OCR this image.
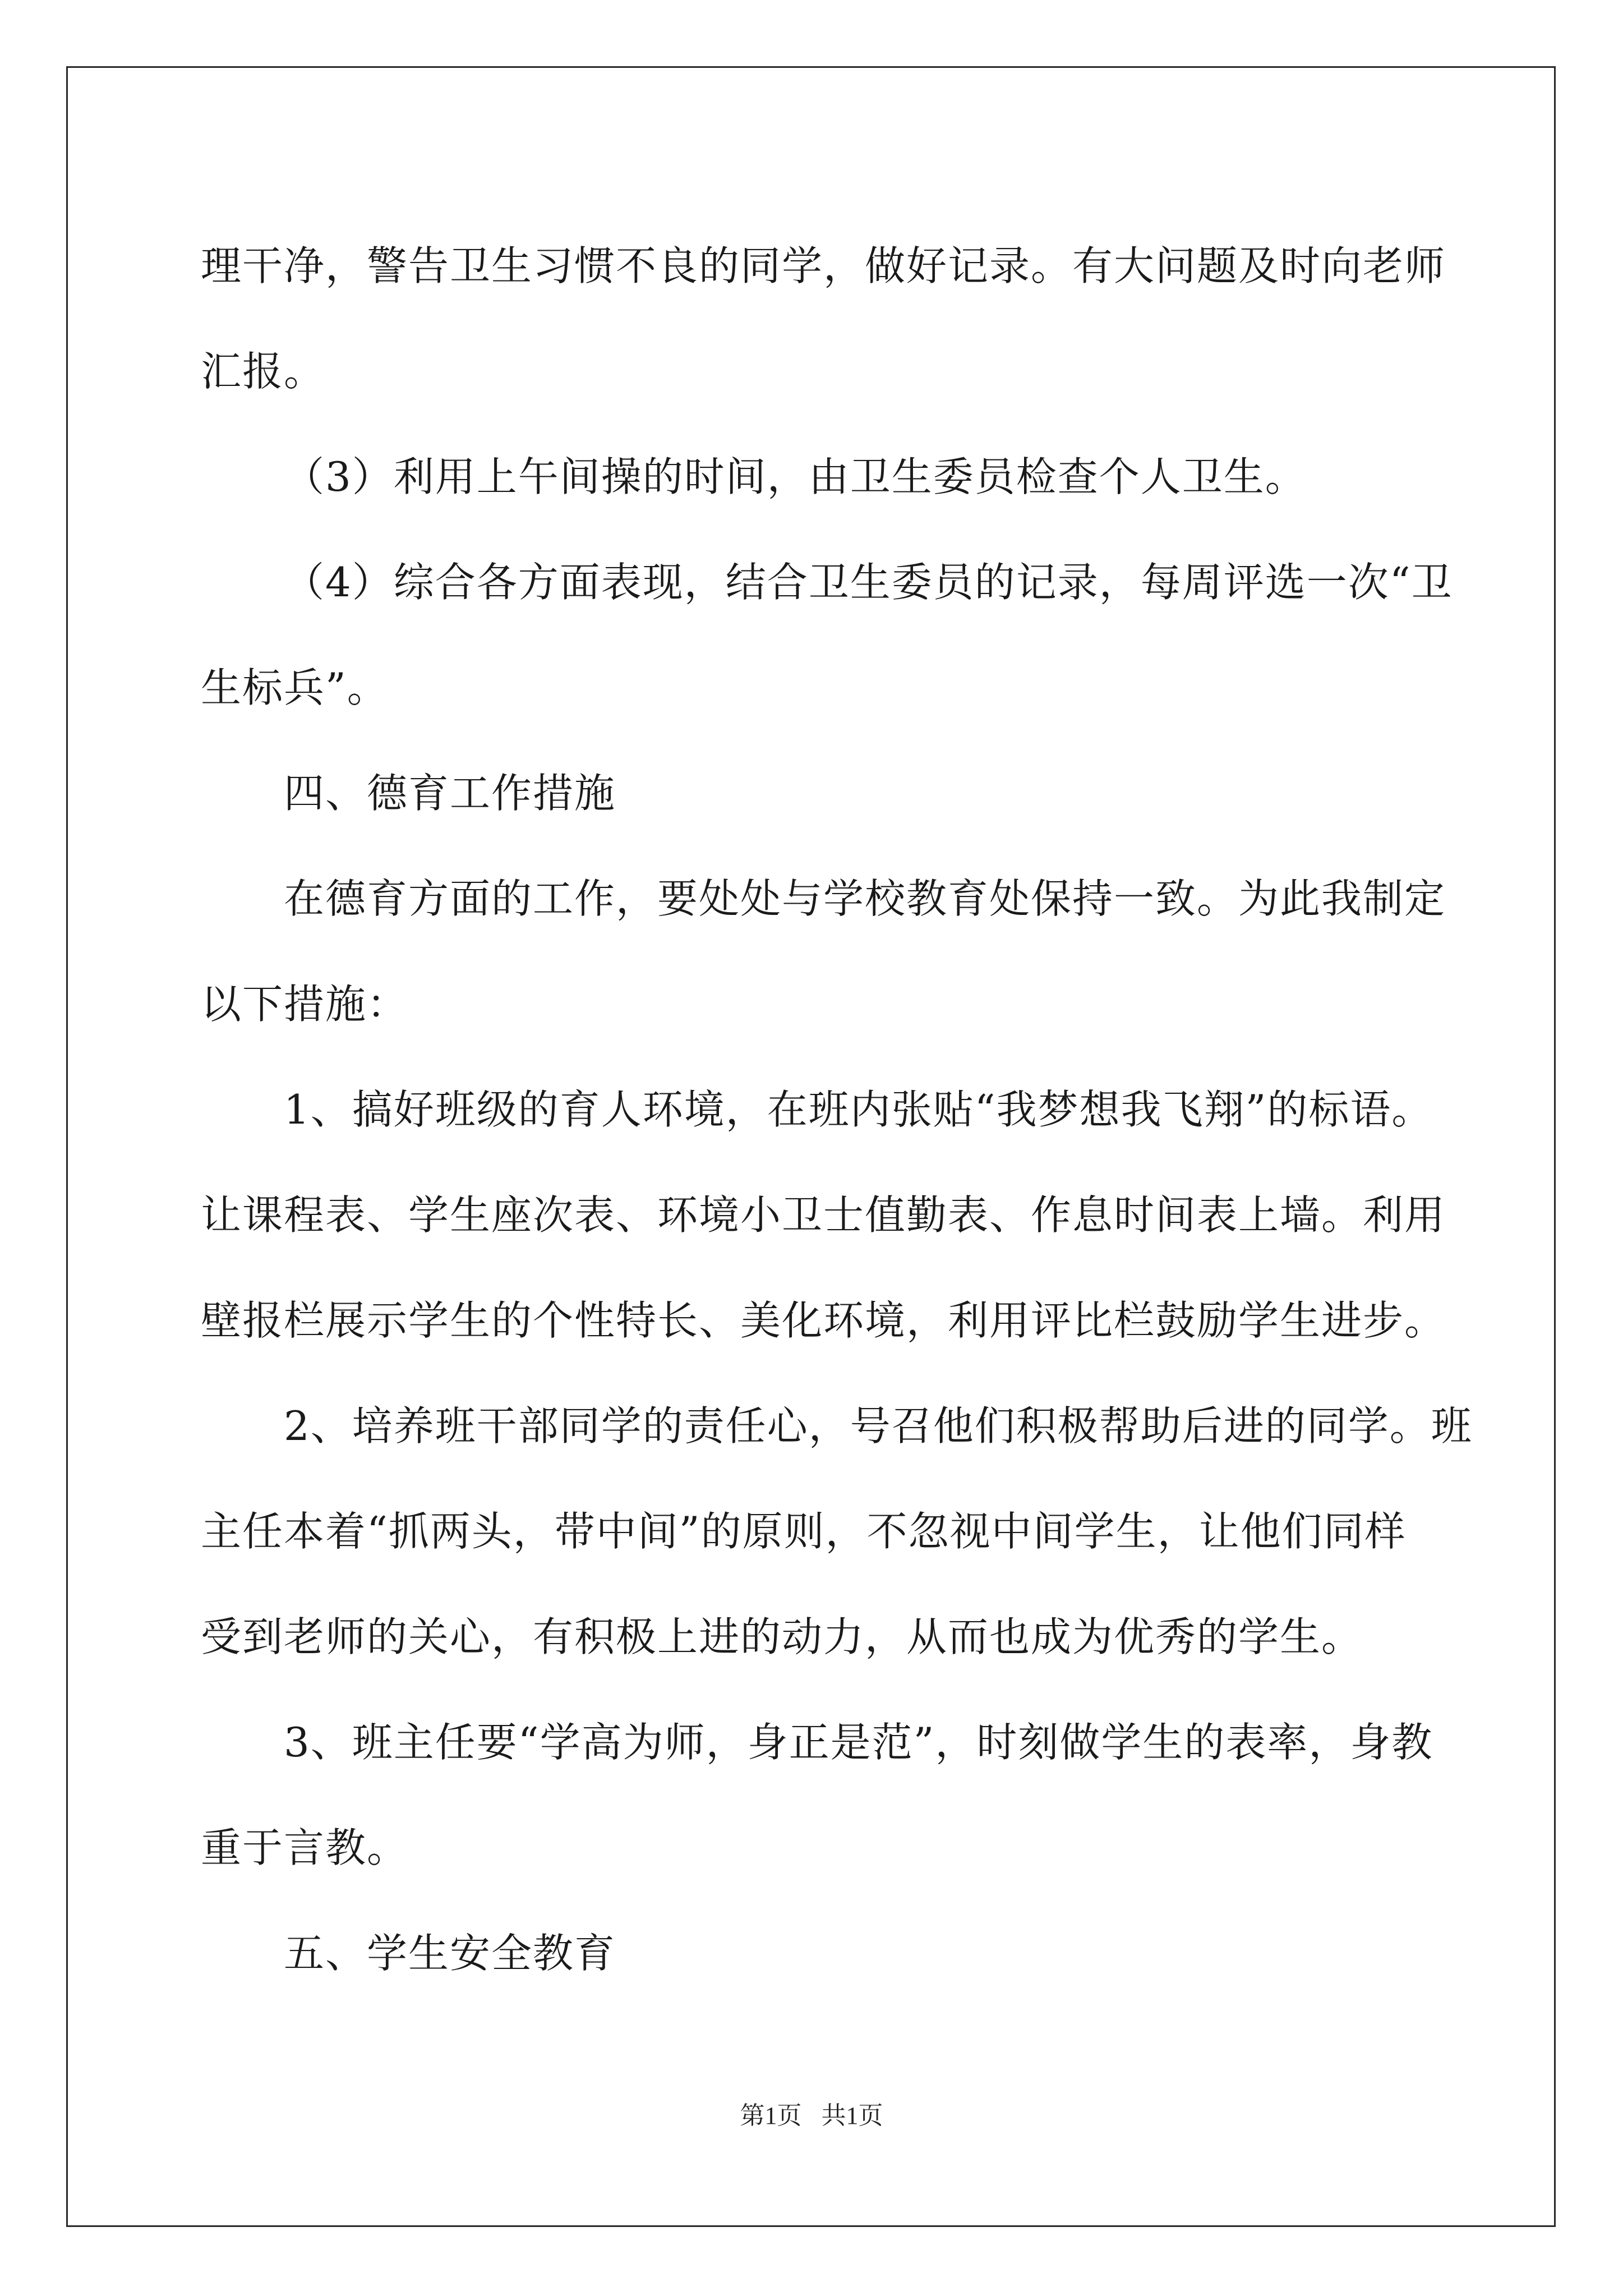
理干净，警告卫生习惯不良的同学，做好记录。有大问题及时向老师

汇报。

（3）利用上午间操的时间，由卫生委员检查个人卫生。

（4）综合各方面表现，结合卫生委员的记录，每周评选一次“卫

生标兵”。

四、德育工作措施

在德育方面的工作，要处处与学校教育处保持一致。为此我制定

以下措施：

1、搞好班级的育人环境，在班内张贴“我梦想我飞翔”的标语。

让课程表、学生座次表、环境小卫士值勤表、作息时间表上墙。利用

壁报栏展示学生的个性特长、美化环境，利用评比栏鼓励学生进步。

2、培养班干部同学的责任心，号召他们积极帮助后进的同学。班

主任本着“抓两头，带中间”的原则，不忽视中间学生，让他们同样

受到老师的关心，有积极上进的动力，从而也成为优秀的学生。

3、班主任要“学高为师，身正是范”，时刻做学生的表率，身教

重于言教。

五、学生安全教育

第1页 共1页
